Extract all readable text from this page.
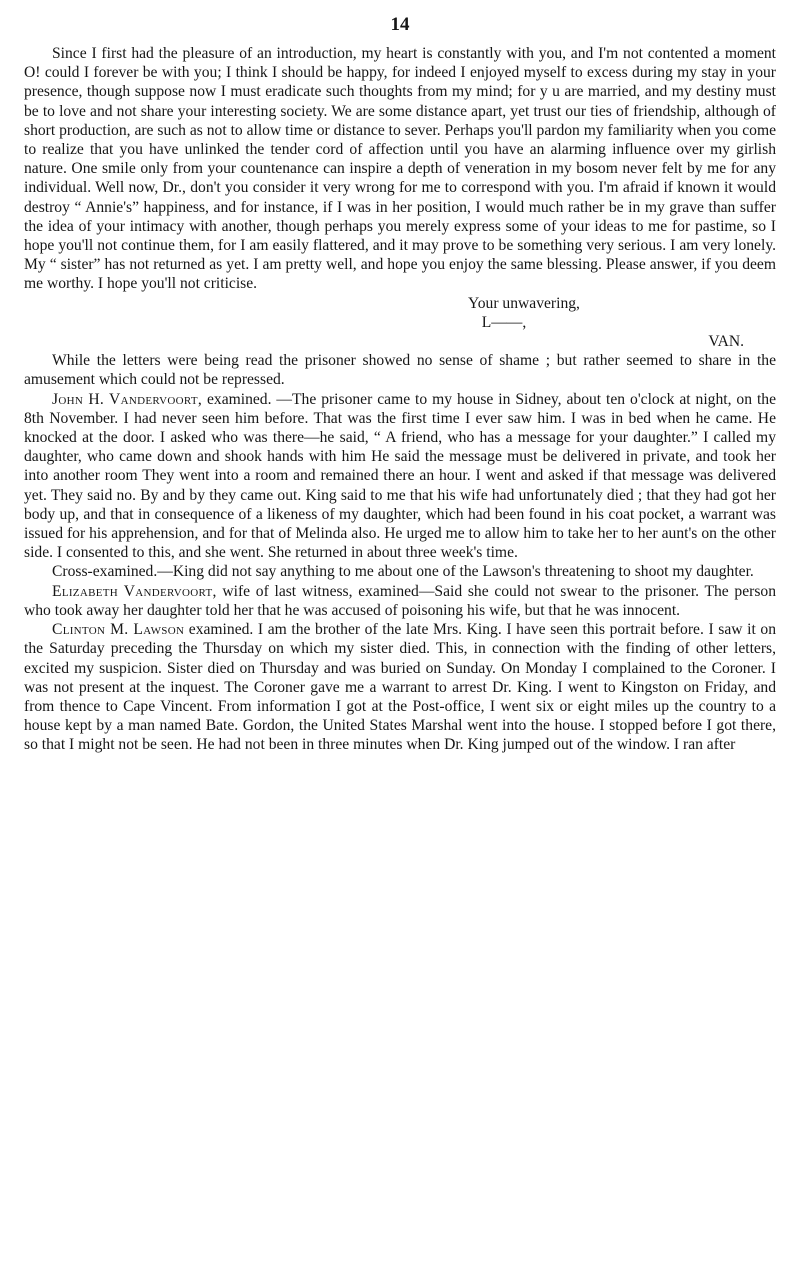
14

Since I first had the pleasure of an introduction, my heart is constantly with you, and I'm not contented a moment O! could I forever be with you; I think I should be happy, for indeed I enjoyed myself to excess during my stay in your presence, though suppose now I must eradicate such thoughts from my mind; for y u are married, and my destiny must be to love and not share your interesting society. We are some distance apart, yet trust our ties of friendship, although of short production, are such as not to allow time or distance to sever. Perhaps you'll pardon my familiarity when you come to realize that you have unlinked the tender cord of affection until you have an alarming influence over my girlish nature. One smile only from your countenance can inspire a depth of veneration in my bosom never felt by me for any individual. Well now, Dr., don't you consider it very wrong for me to correspond with you. I'm afraid if known it would destroy “ Annie's” happiness, and for instance, if I was in her position, I would much rather be in my grave than suffer the idea of your intimacy with another, though perhaps you merely express some of your ideas to me for pastime, so I hope you'll not continue them, for I am easily flattered, and it may prove to be something very serious. I am very lonely. My “ sister” has not returned as yet. I am pretty well, and hope you enjoy the same blessing. Please answer, if you deem me worthy. I hope you'll not criticise.

Your unwavering,

L——,

VAN.

While the letters were being read the prisoner showed no sense of shame ; but rather seemed to share in the amusement which could not be repressed.

John H. Vandervoort, examined. —The prisoner came to my house in Sidney, about ten o'clock at night, on the 8th November. I had never seen him before. That was the first time I ever saw him. I was in bed when he came. He knocked at the door. I asked who was there—he said, “ A friend, who has a message for your daughter.” I called my daughter, who came down and shook hands with him He said the message must be delivered in private, and took her into another room They went into a room and remained there an hour. I went and asked if that message was delivered yet. They said no. By and by they came out. King said to me that his wife had unfortunately died ; that they had got her body up, and that in consequence of a likeness of my daughter, which had been found in his coat pocket, a warrant was issued for his apprehension, and for that of Melinda also. He urged me to allow him to take her to her aunt's on the other side. I consented to this, and she went. She returned in about three week's time.

Cross-examined.—King did not say anything to me about one of the Lawson's threatening to shoot my daughter.

Elizabeth Vandervoort, wife of last witness, examined—Said she could not swear to the prisoner. The person who took away her daughter told her that he was accused of poisoning his wife, but that he was innocent.

Clinton M. Lawson examined. I am the brother of the late Mrs. King. I have seen this portrait before. I saw it on the Saturday preceding the Thursday on which my sister died. This, in connection with the finding of other letters, excited my suspicion. Sister died on Thursday and was buried on Sunday. On Monday I complained to the Coroner. I was not present at the inquest. The Coroner gave me a warrant to arrest Dr. King. I went to Kingston on Friday, and from thence to Cape Vincent. From information I got at the Post-office, I went six or eight miles up the country to a house kept by a man named Bate. Gordon, the United States Marshal went into the house. I stopped before I got there, so that I might not be seen. He had not been in three minutes when Dr. King jumped out of the window. I ran after
